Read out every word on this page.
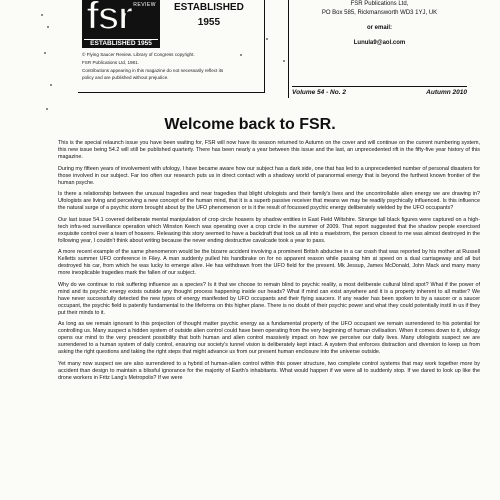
fsr REVIEW
ESTABLISHED 1955
ESTABLISHED
1955

© Flying Saucer Review. Library of Congress copyright.

FSR Publications Ltd, 1981.

Contributions appearing in this magazine do not necessarily reflect its policy and are published without prejudice.

FSR Publications Ltd,
PO Box 585, Rickmansworth WD3 1YJ, UK
or email:
Lunula9@aol.com
Volume 54 - No. 2	Autumn 2010
Welcome back to FSR.

This is the special relaunch issue you have been waiting for, FSR will now have its season returned to Autumn on the cover and will continue on the current numbering system, this new issue being 54.2 will still be published quarterly. There has been nearly a year between this issue and the last, an unprecedented rift in the fifty-five year history of this magazine.

During my fifteen years of involvement with ufology, I have became aware how our subject has a dark side, one that has led to a unprecedented number of personal disasters for those involved in our subject. Far too often our research puts us in direct contact with a shadowy world of paranormal energy that is beyond the furthest known frontier of the human psyche.

Is there a relationship between the unusual tragedies and near tragedies that blight ufologists and their family's lives and the uncontrollable alien energy we are drawing in? Ufologists are living and perceiving a new concept of the human mind, that it is a superb passive receiver that means we may be readily psychically influenced. Is this influence the natural surge of a psychic storm brought about by the UFO phenomenon or is it the result of focussed psychic energy deliberately wielded by the UFO occupants?

Our last issue 54.1 covered deliberate mental manipulation of crop circle hoaxers by shadow entities in East Field Wiltshire. Strange tall black figures were captured on a high-tech infra-red surveillance operation which Winston Keech was operating over a crop circle in the summer of 2009. That report suggested that the shadow people exercised exquisite control over a team of hoaxers. Releasing this story seemed to have a backdraft that took us all into a maelstrom, the person closest to me was almost destroyed in the following year, I couldn't think about writing because the never ending destructive cavalcade took a year to pass.

A more recent example of the same phenomenon would be the bizarre accident involving a prominent British abductee in a car crash that was reported by his mother at Russell Kelletts summer UFO conference in Filey. A man suddenly pulled his handbrake on for no apparent reason while passing him at speed on a dual carriageway and all but destroyed his car, from which he was lucky to emerge alive. He has withdrawn from the UFO field for the present. Mk Jessup, James McDonald, John Mack and many many more inexplicable tragedies mark the fallen of our subject.

Why do we continue to risk suffering influence as a species? Is it that we choose to remain blind to psychic reality, a most deliberate cultural blind spot? What if the power of mind and its psychic energy exists outside any thought process happening inside our heads? What if mind can exist anywhere and it is a property inherent to all matter? We have never successfully detected the new types of energy manifested by UFO occupants and their flying saucers. If any reader has been spoken to by a saucer or a saucer occupant, the psychic field is patently fundamental to the lifeforms on this higher plane. There is no doubt of their psychic power and what they could potentially instil in us if they put their minds to it.

As long as we remain ignorant to this projection of thought matter psychic energy as a fundamental property of the UFO occupant we remain surrendered to his potential for controlling us. Many suspect a hidden system of outside alien control could have been operating from the very beginning of human civilisation. When it comes down to it, ufology opens our mind to the very prescient possibility that both human and alien control massively impact on how we perceive our daily lives. Many ufologists suspect we are surrendered to a human system of daily control, ensuring our society's tunnel vision is deliberately kept intact. A system that enforces distraction and diversion to keep us from asking the right questions and taking the right steps that might advance us from our present human enclosure into the universe outside.

Yet many now suspect we are also surrendered to a hybrid of human-alien control within this power structure, two complete control systems that may work together more by accident than design to maintain a blissful ignorance for the majority of Earth's inhabitants. What would happen if we were all to suddenly stop. If we dared to look up like the drone workers in Fritz Lang's Metropolis? If we were
